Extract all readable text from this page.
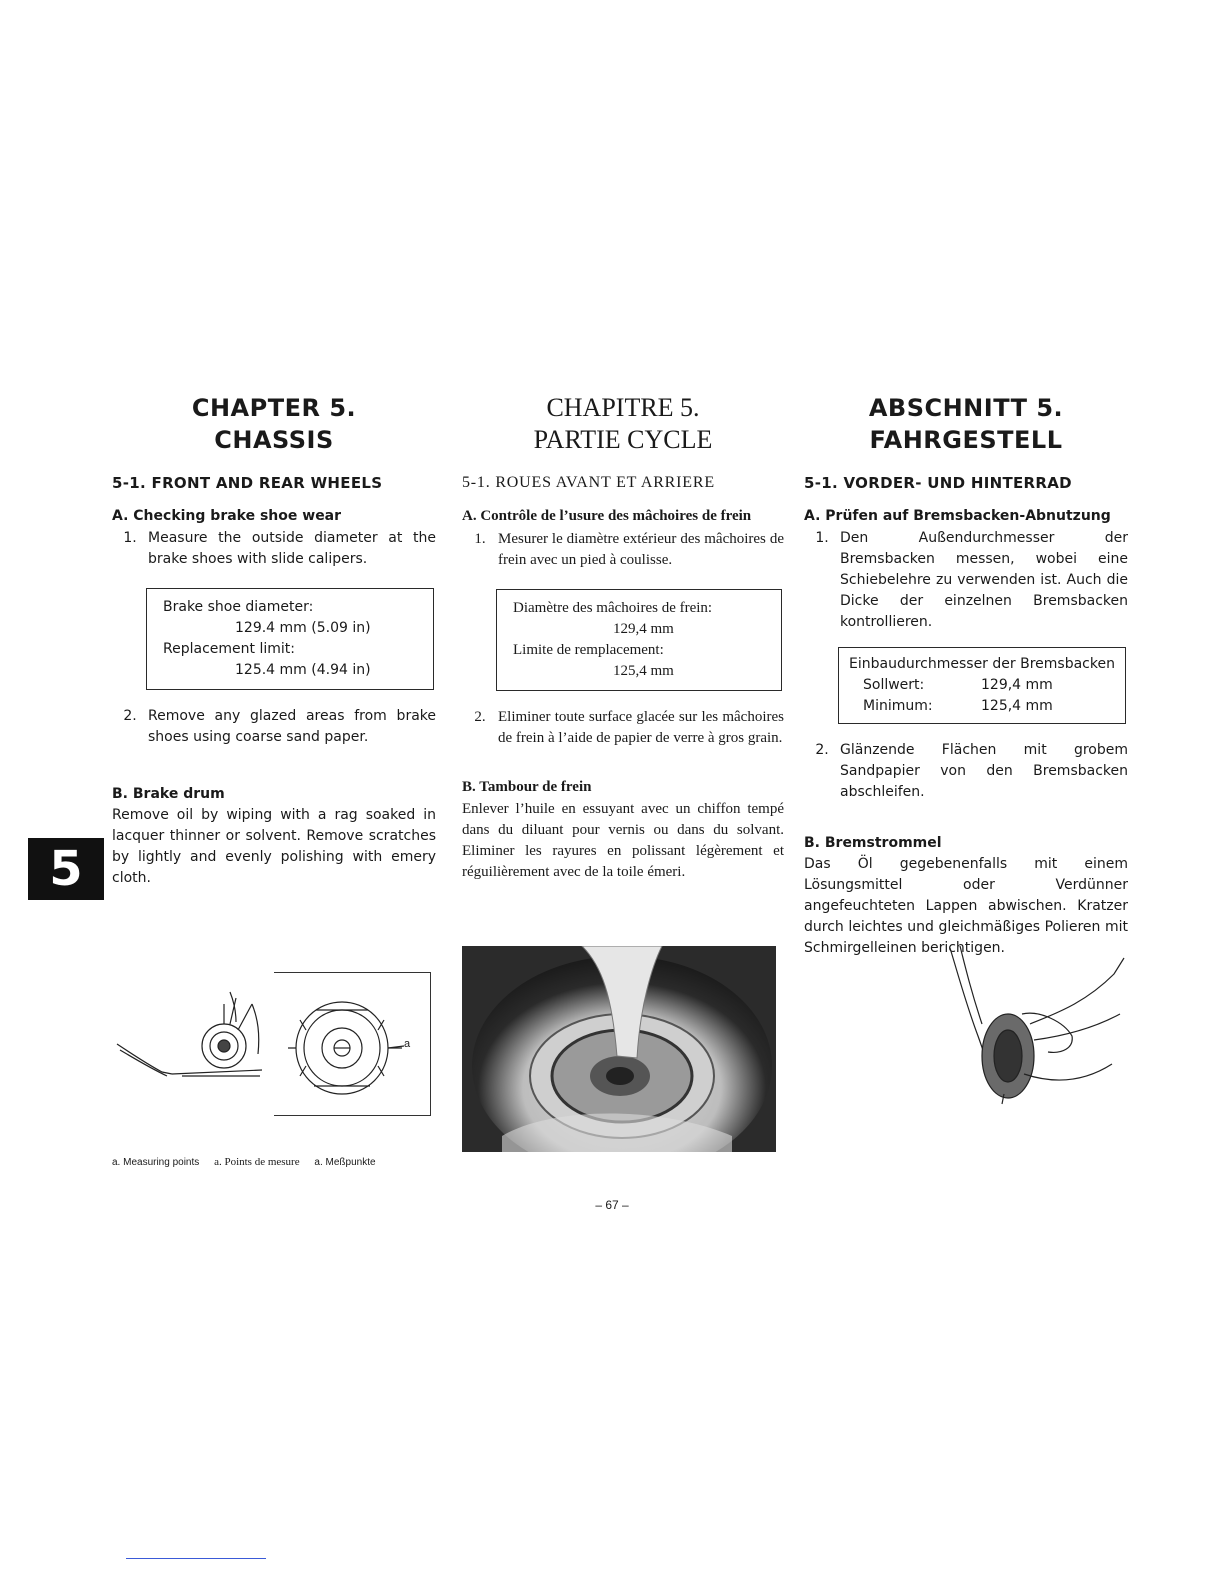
CHAPTER 5.
CHASSIS
5-1. FRONT AND REAR WHEELS
A. Checking brake shoe wear
1. Measure the outside diameter at the brake shoes with slide calipers.
Brake shoe diameter:
129.4 mm (5.09 in)
Replacement limit:
125.4 mm (4.94 in)
2. Remove any glazed areas from brake shoes using coarse sand paper.
B. Brake drum
Remove oil by wiping with a rag soaked in lacquer thinner or solvent. Remove scratches by lightly and evenly polishing with emery cloth.
CHAPITRE 5.
PARTIE CYCLE
5-1. ROUES AVANT ET ARRIERE
A. Contrôle de l’usure des mâchoires de frein
1. Mesurer le diamètre extérieur des mâchoires de frein avec un pied à coulisse.
Diamètre des mâchoires de frein:
129,4 mm
Limite de remplacement:
125,4 mm
2. Eliminer toute surface glacée sur les mâchoires de frein à l’aide de papier de verre à gros grain.
B. Tambour de frein
Enlever l’huile en essuyant avec un chiffon tempé dans du diluant pour vernis ou dans du solvant. Eliminer les rayures en polissant légèrement et réguilièrement avec de la toile émeri.
ABSCHNITT 5.
FAHRGESTELL
5-1. VORDER- UND HINTERRAD
A. Prüfen auf Bremsbacken-Abnutzung
1. Den Außendurchmesser der Bremsbacken messen, wobei eine Schiebelehre zu verwenden ist. Auch die Dicke der einzelnen Bremsbacken kontrollieren.
Einbaudurchmesser der Bremsbacken
Sollwert:	129,4 mm
Minimum:	125,4 mm
2. Glänzende Flächen mit grobem Sandpapier von den Bremsbacken abschleifen.
B. Bremstrommel
Das Öl gegebenenfalls mit einem Lösungsmittel oder Verdünner angefeuchteten Lappen abwischen. Kratzer durch leichtes und gleichmäßiges Polieren mit Schmirgelleinen berichtigen.
5
a
a. Measuring points a. Points de mesure a. Meßpunkte
– 67 –
